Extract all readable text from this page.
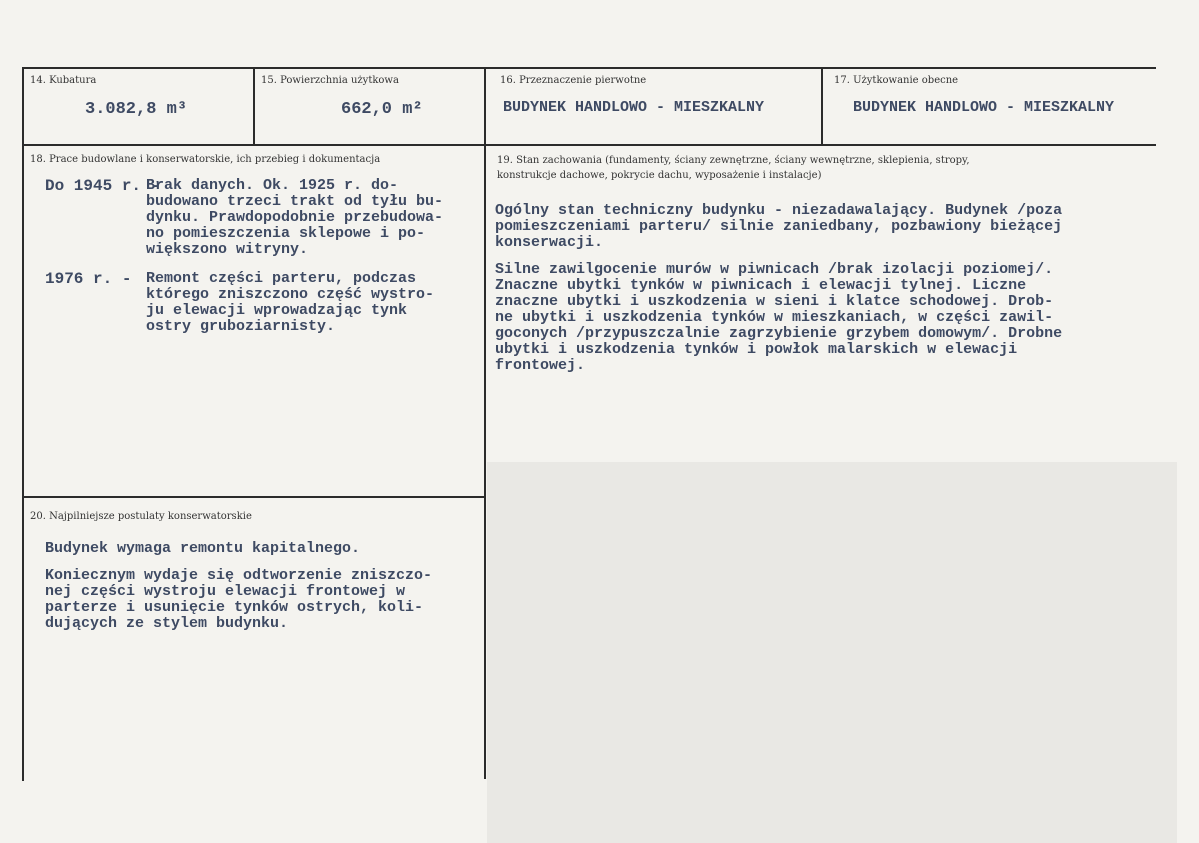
14. Kubatura
3.082,8 m³
15. Powierzchnia użytkowa
662,0 m²
16. Przeznaczenie pierwotne
BUDYNEK HANDLOWO - MIESZKALNY
17. Użytkowanie obecne
BUDYNEK HANDLOWO - MIESZKALNY
18. Prace budowlane i konserwatorskie, ich przebieg i dokumentacja
Do 1945 r. -
Brak danych. Ok. 1925 r. do-
budowano trzeci trakt od tyłu bu-
dynku. Prawdopodobnie przebudowa-
no pomieszczenia sklepowe i po-
większono witryny.
1976 r. - Remont części parteru, podczas
którego zniszczono część wystro-
ju elewacji wprowadzając tynk
ostry gruboziarnisty.
19. Stan zachowania (fundamenty, ściany zewnętrzne, ściany wewnętrzne, sklepienia, stropy,
konstrukcje dachowe, pokrycie dachu, wyposażenie i instalacje)
Ogólny stan techniczny budynku - niezadawalający. Budynek /poza
pomieszczeniami parteru/ silnie zaniedbany, pozbawiony bieżącej
konserwacji.
Silne zawilgocenie murów w piwnicach /brak izolacji poziomej/.
Znaczne ubytki tynków w piwnicach i elewacji tylnej. Liczne
znaczne ubytki i uszkodzenia w sieni i klatce schodowej. Drob-
ne ubytki i uszkodzenia tynków w mieszkaniach, w części zawil-
goconych /przypuszczalnie zagrzybienie grzybem domowym/. Drobne
ubytki i uszkodzenia tynków i powłok malarskich w elewacji
frontowej.
20. Najpilniejsze postulaty konserwatorskie
Budynek wymaga remontu kapitalnego.
Koniecznym wydaje się odtworzenie zniszczo-
nej części wystroju elewacji frontowej w
parterze i usunięcie tynków ostrych, koli-
dujących ze stylem budynku.
